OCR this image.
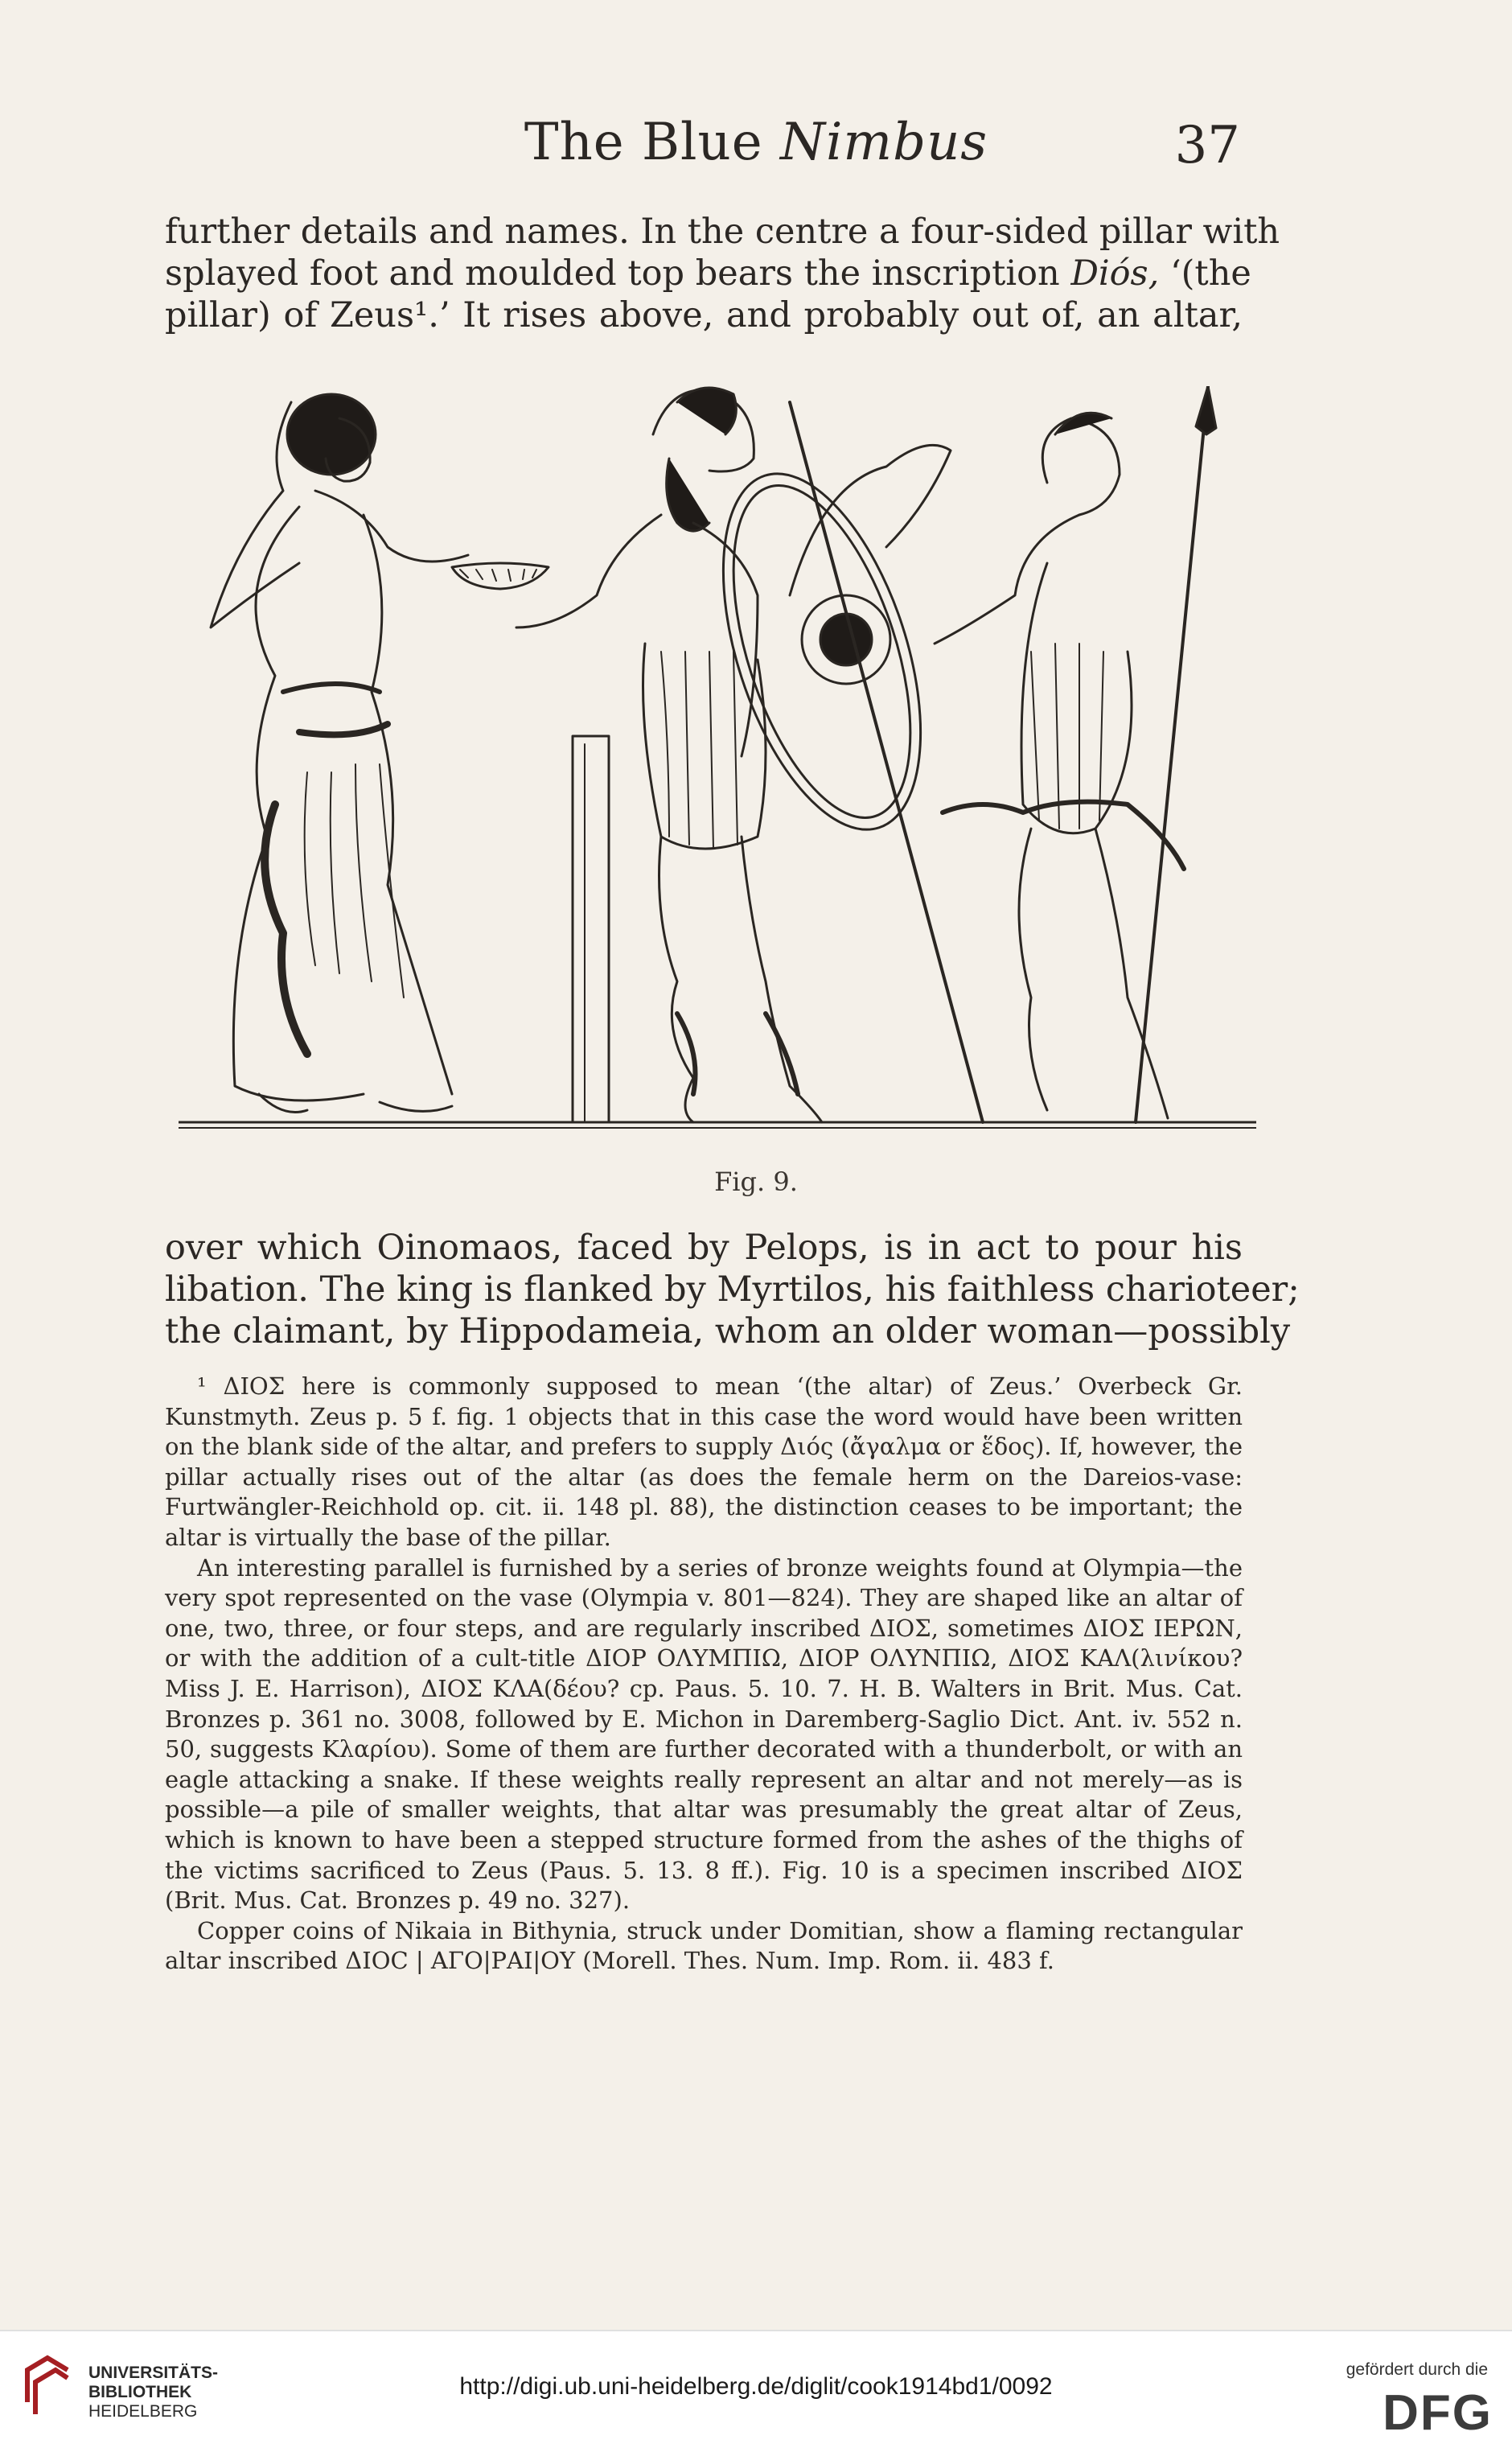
The Blue Nimbus	37
further details and names. In the centre a four-sided pillar with
splayed foot and moulded top bears the inscription Diós, ‘(the
pillar) of Zeus¹.’ It rises above, and probably out of, an altar,
Fig. 9.
over which Oinomaos, faced by Pelops, is in act to pour his
libation. The king is flanked by Myrtilos, his faithless charioteer;
the claimant, by Hippodameia, whom an older woman—possibly

¹ ΔΙΟΣ here is commonly supposed to mean ‘(the altar) of Zeus.’ Overbeck Gr. Kunstmyth. Zeus p. 5 f. fig. 1 objects that in this case the word would have been written on the blank side of the altar, and prefers to supply Διός (ἄγαλμα or ἕδος). If, however, the pillar actually rises out of the altar (as does the female herm on the Dareios-vase: Furtwängler-Reichhold op. cit. ii. 148 pl. 88), the distinction ceases to be important; the altar is virtually the base of the pillar.

An interesting parallel is furnished by a series of bronze weights found at Olympia—the very spot represented on the vase (Olympia v. 801—824). They are shaped like an altar of one, two, three, or four steps, and are regularly inscribed ΔΙΟΣ, sometimes ΔΙΟΣ ΙΕΡΩΝ, or with the addition of a cult-title ΔΙΟΡ ΟΛΥΜΠΙΩ, ΔΙΟΡ ΟΛΥΝΠΙΩ, ΔΙΟΣ ΚΑΛ(λινίκου? Miss J. E. Harrison), ΔΙΟΣ ΚΛΑ(δέου? cp. Paus. 5. 10. 7. H. B. Walters in Brit. Mus. Cat. Bronzes p. 361 no. 3008, followed by E. Michon in Daremberg-Saglio Dict. Ant. iv. 552 n. 50, suggests Κλαρίου). Some of them are further decorated with a thunderbolt, or with an eagle attacking a snake. If these weights really represent an altar and not merely—as is possible—a pile of smaller weights, that altar was presumably the great altar of Zeus, which is known to have been a stepped structure formed from the ashes of the thighs of the victims sacrificed to Zeus (Paus. 5. 13. 8 ff.). Fig. 10 is a specimen inscribed ΔΙΟΣ (Brit. Mus. Cat. Bronzes p. 49 no. 327).

Copper coins of Nikaia in Bithynia, struck under Domitian, show a flaming rectangular altar inscribed ΔΙΟϹ | ΑΓΟ|ΡΑΙ|ΟΥ (Morell. Thes. Num. Imp. Rom. ii. 483 f.

UNIVERSITÄTS-
BIBLIOTHEK
HEIDELBERG
http://digi.ub.uni-heidelberg.de/diglit/cook1914bd1/0092
gefördert durch die
DFG
